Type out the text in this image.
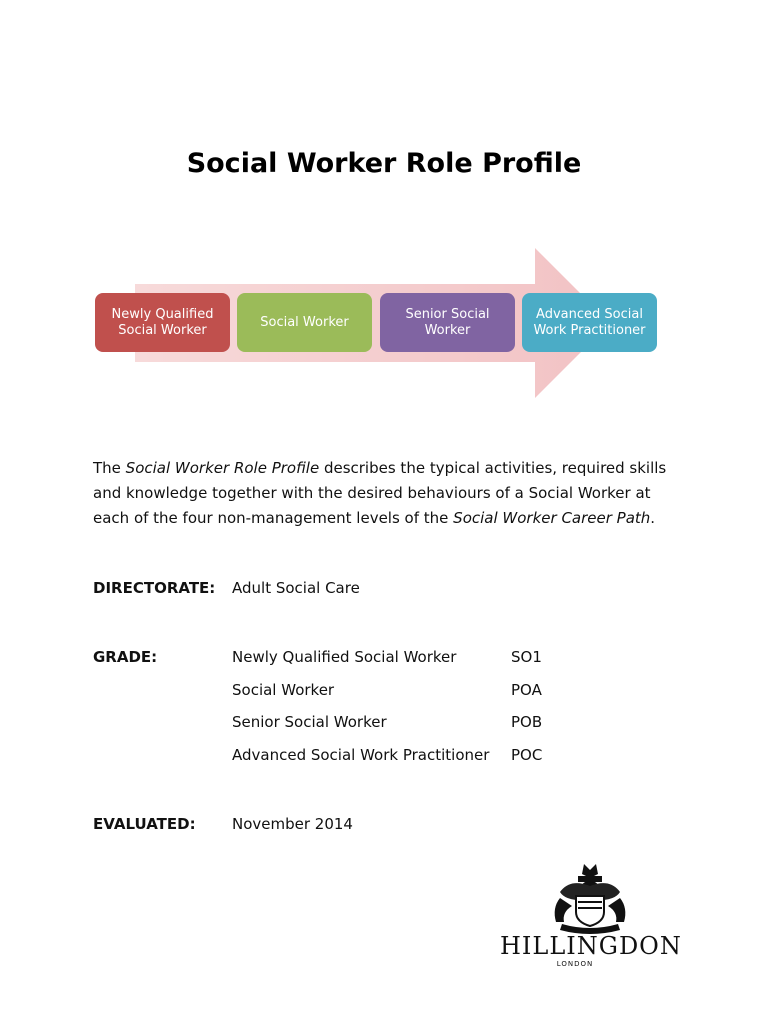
Social Worker Role Profile
Newly Qualified
Social Worker
Social Worker
Senior Social
Worker
Advanced Social
Work Practitioner
The Social Worker Role Profile describes the typical activities, required skills and knowledge together with the desired behaviours of a Social Worker at each of the four non-management levels of the Social Worker Career Path.
DIRECTORATE: Adult Social Care
GRADE:	Newly Qualified Social Worker	SO1
Social Worker	POA
Senior Social Worker	POB
Advanced Social Work Practitioner POC
EVALUATED: November 2014
HILLINGDON
LONDON
